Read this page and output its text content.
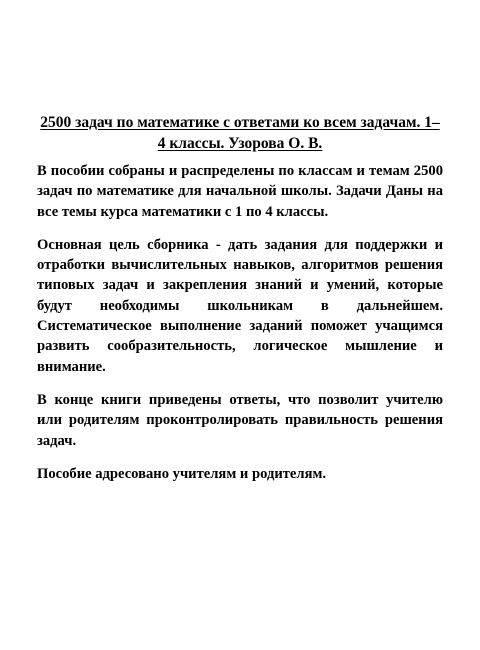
2500 задач по математике с ответами ко всем задачам. 1–4 классы. Узорова О. В.

В пособии собраны и распределены по классам и темам 2500 задач по математике для начальной школы. Задачи Даны на все темы курса математики с 1 по 4 классы.

Основная цель сборника - дать задания для поддержки и отработки вычислительных навыков, алгоритмов решения типовых задач и закрепления знаний и умений, которые будут необходимы школьникам в дальнейшем. Систематическое выполнение заданий поможет учащимся развить сообразительность, логическое мышление и внимание.

В конце книги приведены ответы, что позволит учителю или родителям проконтролировать правильность решения задач.

Пособие адресовано учителям и родителям.
